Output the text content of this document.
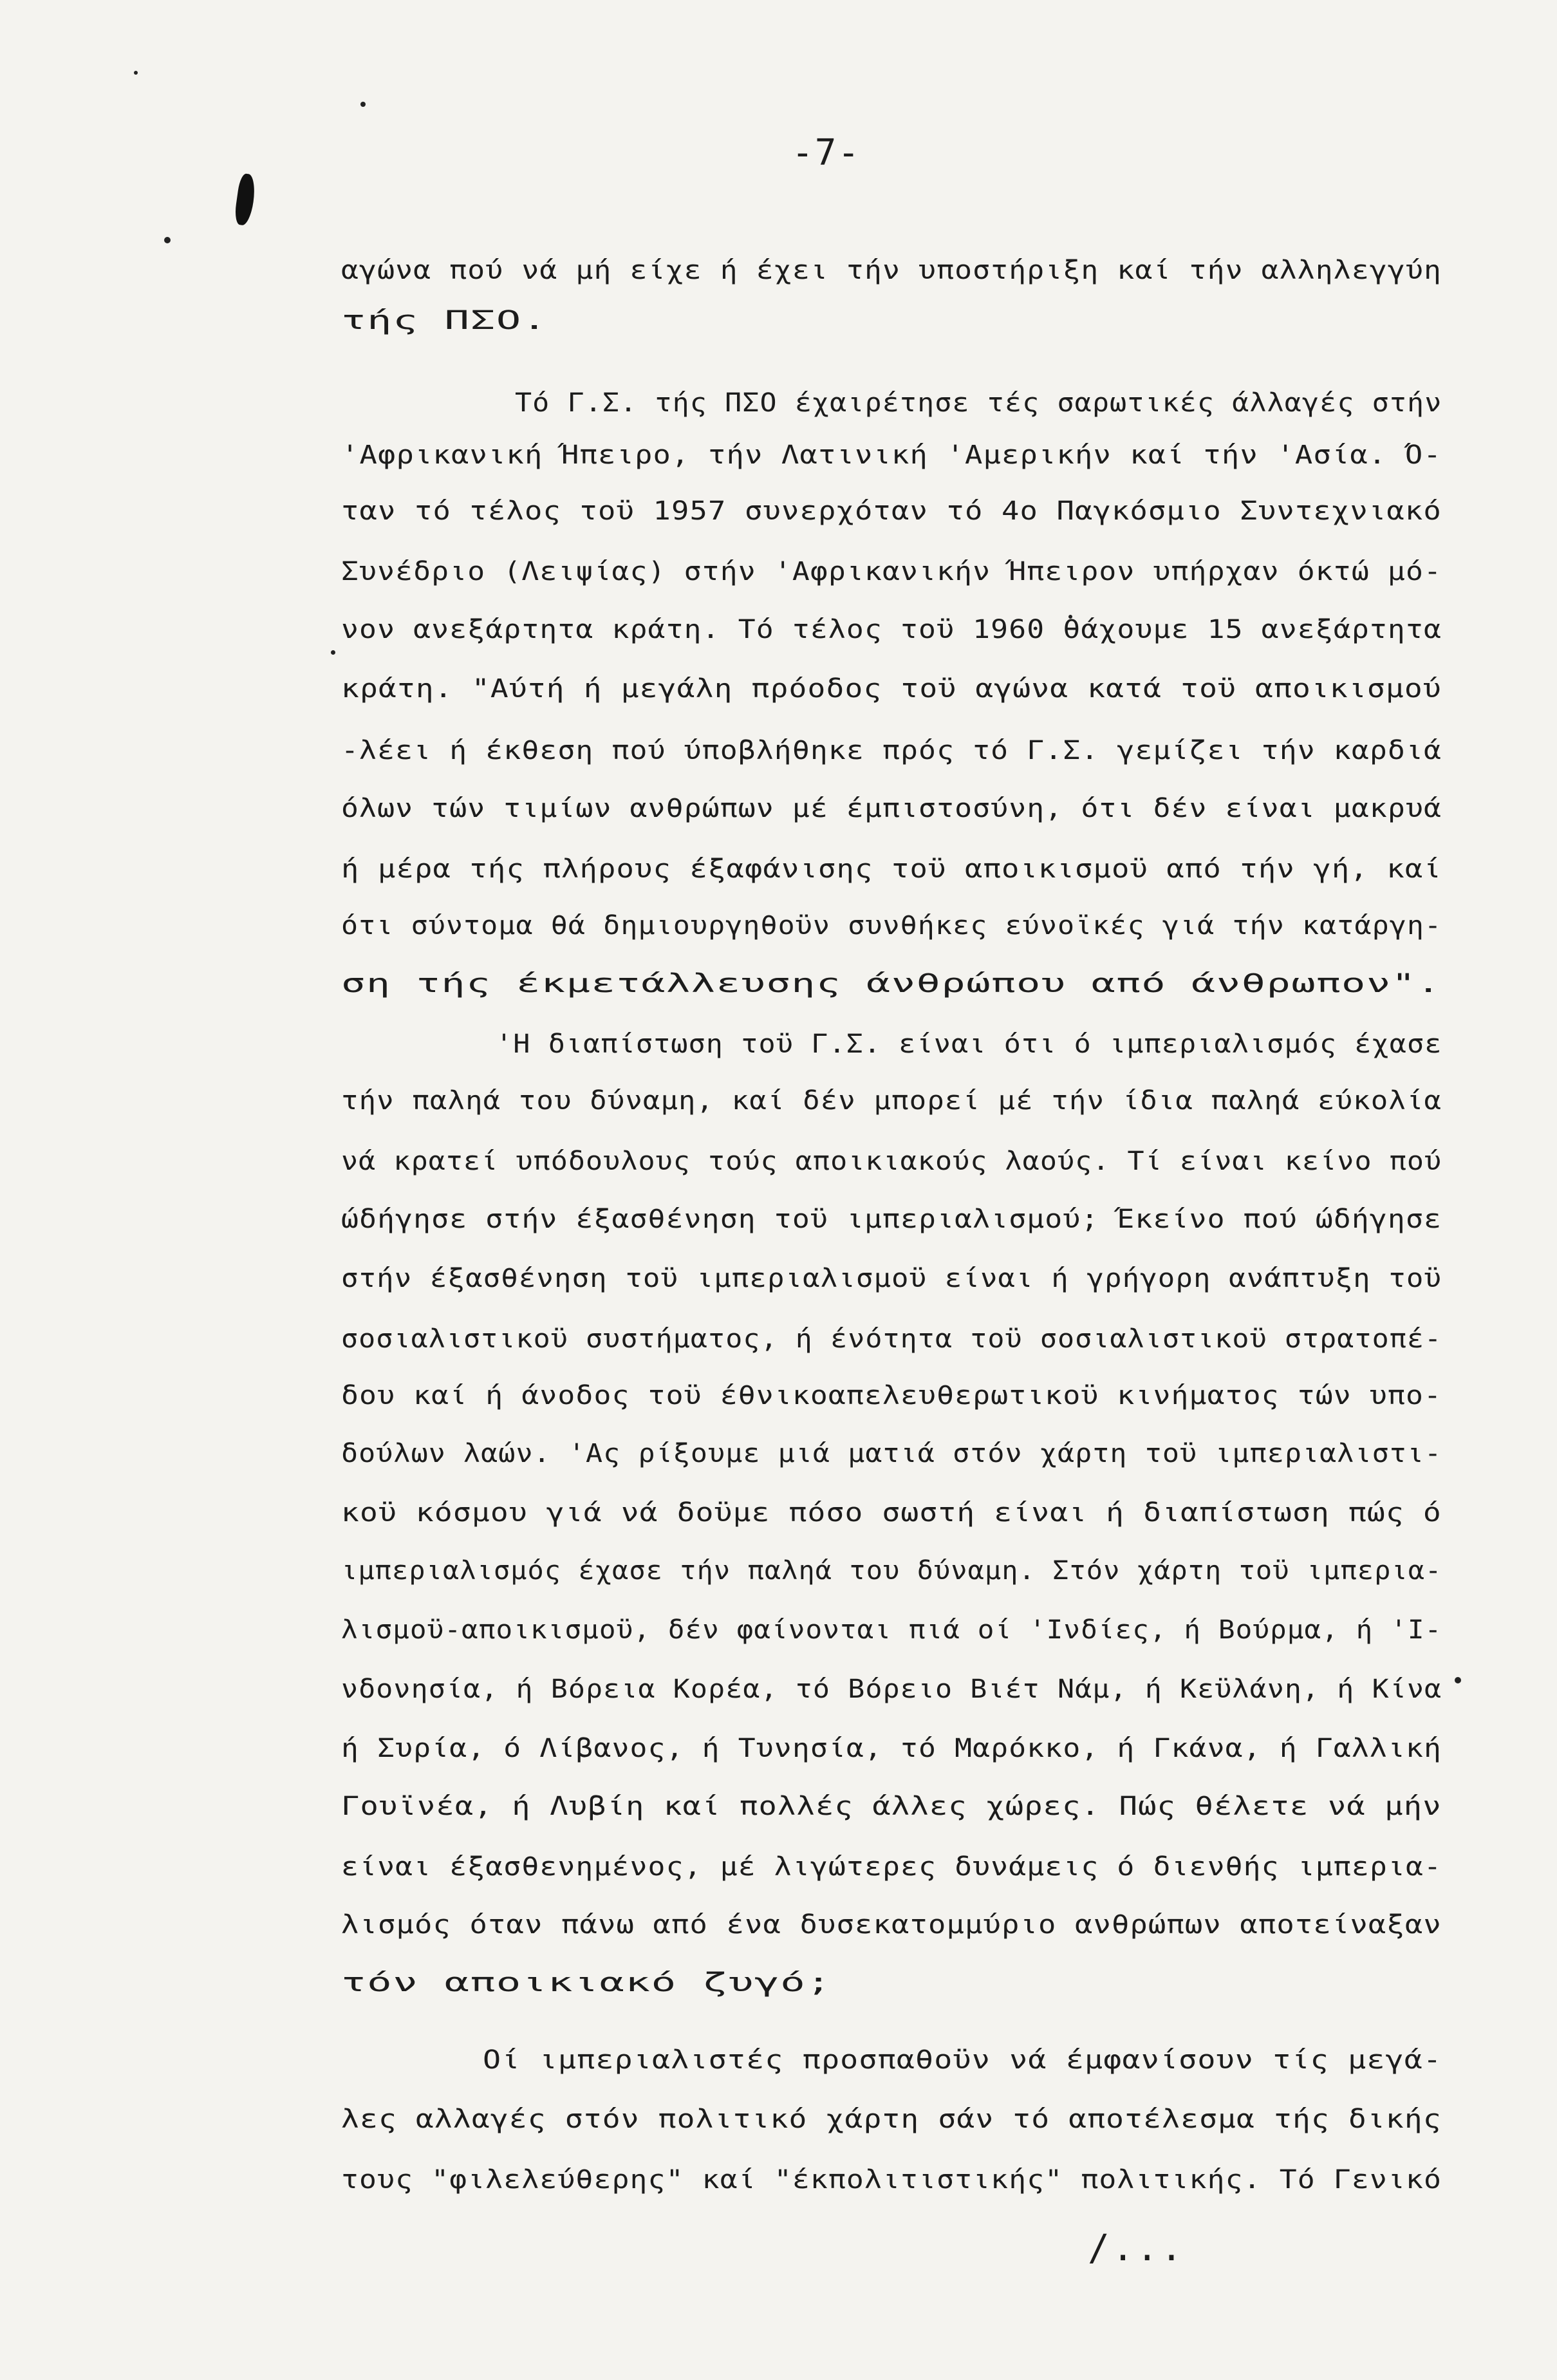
-7-
αγώνα πού νά μή είχε ή έχει τήν υποστήριξη καί τήν αλληλεγγύη
τής ΠΣΟ.
Τό Γ.Σ. τής ΠΣΟ έχαιρέτησε τές σαρωτικές άλλαγές στήν
'Αφρικανική Ήπειρο, τήν Λατινική 'Αμερικήν καί τήν 'Ασία. Ό-
ταν τό τέλος τοϋ 1957 συνερχόταν τό 4ο Παγκόσμιο Συντεχνιακό
Συνέδριο (Λειψίας) στήν 'Αφρικανικήν Ήπειρον υπήρχαν όκτώ μό-
νον ανεξάρτητα κράτη. Τό τέλος τοϋ 1960 θάχουμε 15 ανεξάρτητα
κράτη. "Αύτή ή μεγάλη πρόοδος τοϋ αγώνα κατά τοϋ αποικισμού
-λέει ή έκθεση πού ύποβλήθηκε πρός τό Γ.Σ. γεμίζει τήν καρδιά
όλων τών τιμίων ανθρώπων μέ έμπιστοσύνη, ότι δέν είναι μακρυά
ή μέρα τής πλήρους έξαφάνισης τοϋ αποικισμοϋ από τήν γή, καί
ότι σύντομα θά δημιουργηθοϋν συνθήκες εύνοϊκές γιά τήν κατάργη-
ση τής έκμετάλλευσης άνθρώπου από άνθρωπον".
'Η διαπίστωση τοϋ Γ.Σ. είναι ότι ό ιμπεριαλισμός έχασε
τήν παληά του δύναμη, καί δέν μπορεί μέ τήν ίδια παληά εύκολία
νά κρατεί υπόδουλους τούς αποικιακούς λαούς. Τί είναι κείνο πού
ώδήγησε στήν έξασθένηση τοϋ ιμπεριαλισμού; Έκείνο πού ώδήγησε
στήν έξασθένηση τοϋ ιμπεριαλισμοϋ είναι ή γρήγορη ανάπτυξη τοϋ
σοσιαλιστικοϋ συστήματος, ή ένότητα τοϋ σοσιαλιστικοϋ στρατοπέ-
δου καί ή άνοδος τοϋ έθνικοαπελευθερωτικοϋ κινήματος τών υπο-
δούλων λαών. 'Ας ρίξουμε μιά ματιά στόν χάρτη τοϋ ιμπεριαλιστι-
κοϋ κόσμου γιά νά δοϋμε πόσο σωστή είναι ή διαπίστωση πώς ό
ιμπεριαλισμός έχασε τήν παληά του δύναμη. Στόν χάρτη τοϋ ιμπερια-
λισμοϋ-αποικισμοϋ, δέν φαίνονται πιά οί 'Ινδίες, ή Βούρμα, ή 'Ι-
νδονησία, ή Βόρεια Κορέα, τό Βόρειο Βιέτ Νάμ, ή Κεϋλάνη, ή Κίνα
ή Συρία, ό Λίβανος, ή Τυνησία, τό Μαρόκκο, ή Γκάνα, ή Γαλλική
Γουϊνέα, ή Λυβίη καί πολλές άλλες χώρες. Πώς θέλετε νά μήν
είναι έξασθενημένος, μέ λιγώτερες δυνάμεις ό διενθής ιμπερια-
λισμός όταν πάνω από ένα δυσεκατομμύριο ανθρώπων αποτείναξαν
τόν αποικιακό ζυγό;
Οί ιμπεριαλιστές προσπαθοϋν νά έμφανίσουν τίς μεγά-
λες αλλαγές στόν πολιτικό χάρτη σάν τό αποτέλεσμα τής δικής
τους "φιλελεύθερης" καί "έκπολιτιστικής" πολιτικής. Τό Γενικό
/...
